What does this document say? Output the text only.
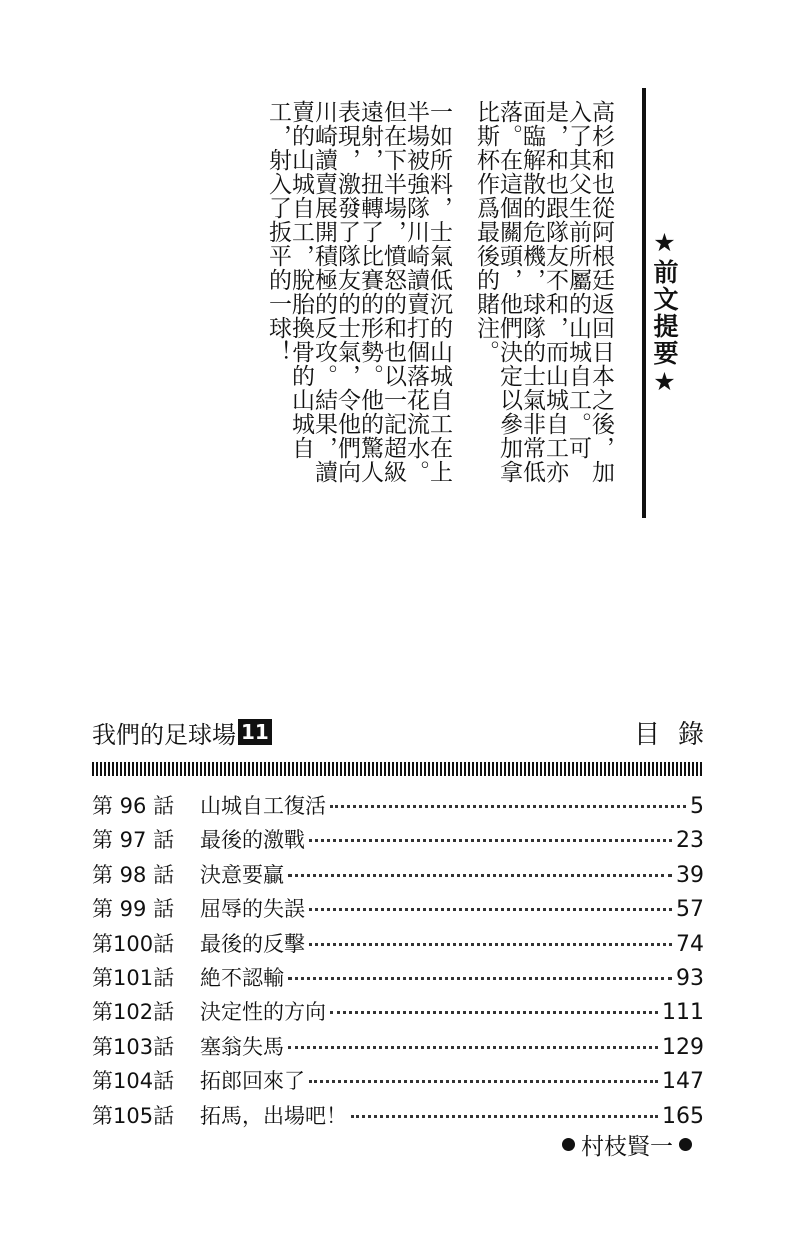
★前文提要★

高杉和也從阿根廷返回日本之後，加入了其父生前所屬的山城自工。可是，和也跟隊友不和，而山城自工亦面臨解散的危機，球隊的士氣非常低落。在這個關頭，他們決定以參加拿比斯杯作爲最後的賭注。

一如所料，士氣低沉的山城自工在上半場被強隊川崎讀賣打個落花流水。

但在下半場，憤怒的和也以一記超級遠射，扭轉了比賽的形勢。他的驚人表現，激發了隊友的士氣，令他們向川崎讀賣展開積極的反攻。結果，讀賣的山城自工，脫胎換骨的山城自工，射入了扳平的一球！

我們的足球場 11	目錄
第 96 話	山城自工復活	5
第 97 話	最後的激戰	23
第 98 話	決意要贏	39
第 99 話	屈辱的失誤	57
第100話	最後的反擊	74
第101話	絶不認輸	93
第102話	決定性的方向	111
第103話	塞翁失馬	129
第104話	拓郎回來了	147
第105話	拓馬，出場吧！	165
村枝賢一
